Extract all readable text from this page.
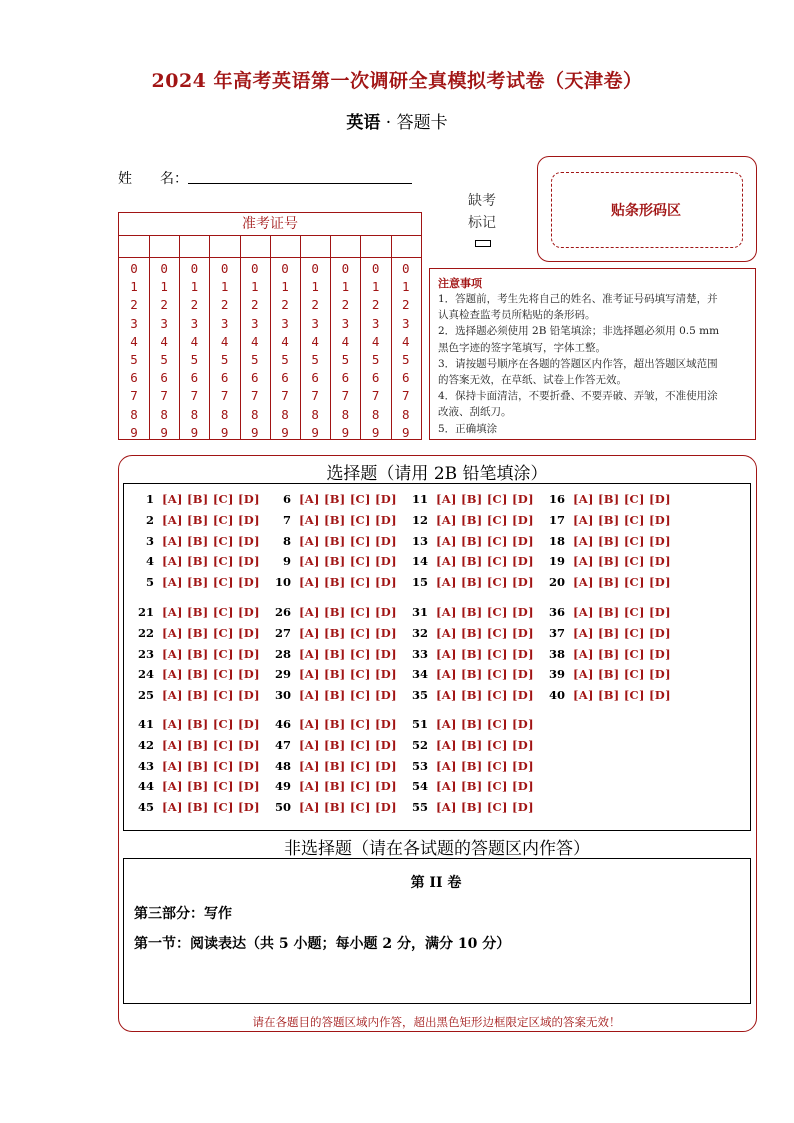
2024 年高考英语第一次调研全真模拟考试卷（天津卷）
英语 · 答题卡
姓　　名：
缺考
标记
贴条形码区
准考证号
0
1
2
3
4
5
6
7
8
9
0
1
2
3
4
5
6
7
8
9
0
1
2
3
4
5
6
7
8
9
0
1
2
3
4
5
6
7
8
9
0
1
2
3
4
5
6
7
8
9
0
1
2
3
4
5
6
7
8
9
0
1
2
3
4
5
6
7
8
9
0
1
2
3
4
5
6
7
8
9
0
1
2
3
4
5
6
7
8
9
0
1
2
3
4
5
6
7
8
9
注意事项
1．答题前，考生先将自己的姓名、准考证号码填写清楚，并
认真检查监考员所粘贴的条形码。
2．选择题必须使用 2B 铅笔填涂；非选择题必须用 0.5 mm
黑色字迹的签字笔填写，字体工整。
3．请按题号顺序在各题的答题区内作答，超出答题区域范围
的答案无效，在草纸、试卷上作答无效。
4．保持卡面清洁，不要折叠、不要弄破、弄皱，不准使用涂
改液、刮纸刀。
5．正确填涂
选择题（请用 2B 铅笔填涂）
1 [A] [B] [C] [D]
2 [A] [B] [C] [D]
3 [A] [B] [C] [D]
4 [A] [B] [C] [D]
5 [A] [B] [C] [D]
6 [A] [B] [C] [D]
7 [A] [B] [C] [D]
8 [A] [B] [C] [D]
9 [A] [B] [C] [D]
10 [A] [B] [C] [D]
11 [A] [B] [C] [D]
12 [A] [B] [C] [D]
13 [A] [B] [C] [D]
14 [A] [B] [C] [D]
15 [A] [B] [C] [D]
16 [A] [B] [C] [D]
17 [A] [B] [C] [D]
18 [A] [B] [C] [D]
19 [A] [B] [C] [D]
20 [A] [B] [C] [D]
21 [A] [B] [C] [D]
22 [A] [B] [C] [D]
23 [A] [B] [C] [D]
24 [A] [B] [C] [D]
25 [A] [B] [C] [D]
26 [A] [B] [C] [D]
27 [A] [B] [C] [D]
28 [A] [B] [C] [D]
29 [A] [B] [C] [D]
30 [A] [B] [C] [D]
31 [A] [B] [C] [D]
32 [A] [B] [C] [D]
33 [A] [B] [C] [D]
34 [A] [B] [C] [D]
35 [A] [B] [C] [D]
36 [A] [B] [C] [D]
37 [A] [B] [C] [D]
38 [A] [B] [C] [D]
39 [A] [B] [C] [D]
40 [A] [B] [C] [D]
41 [A] [B] [C] [D]
42 [A] [B] [C] [D]
43 [A] [B] [C] [D]
44 [A] [B] [C] [D]
45 [A] [B] [C] [D]
46 [A] [B] [C] [D]
47 [A] [B] [C] [D]
48 [A] [B] [C] [D]
49 [A] [B] [C] [D]
50 [A] [B] [C] [D]
51 [A] [B] [C] [D]
52 [A] [B] [C] [D]
53 [A] [B] [C] [D]
54 [A] [B] [C] [D]
55 [A] [B] [C] [D]
非选择题（请在各试题的答题区内作答）
第 II 卷
第三部分：写作
第一节：阅读表达（共 5 小题；每小题 2 分，满分 10 分）
请在各题目的答题区域内作答，超出黑色矩形边框限定区域的答案无效！
